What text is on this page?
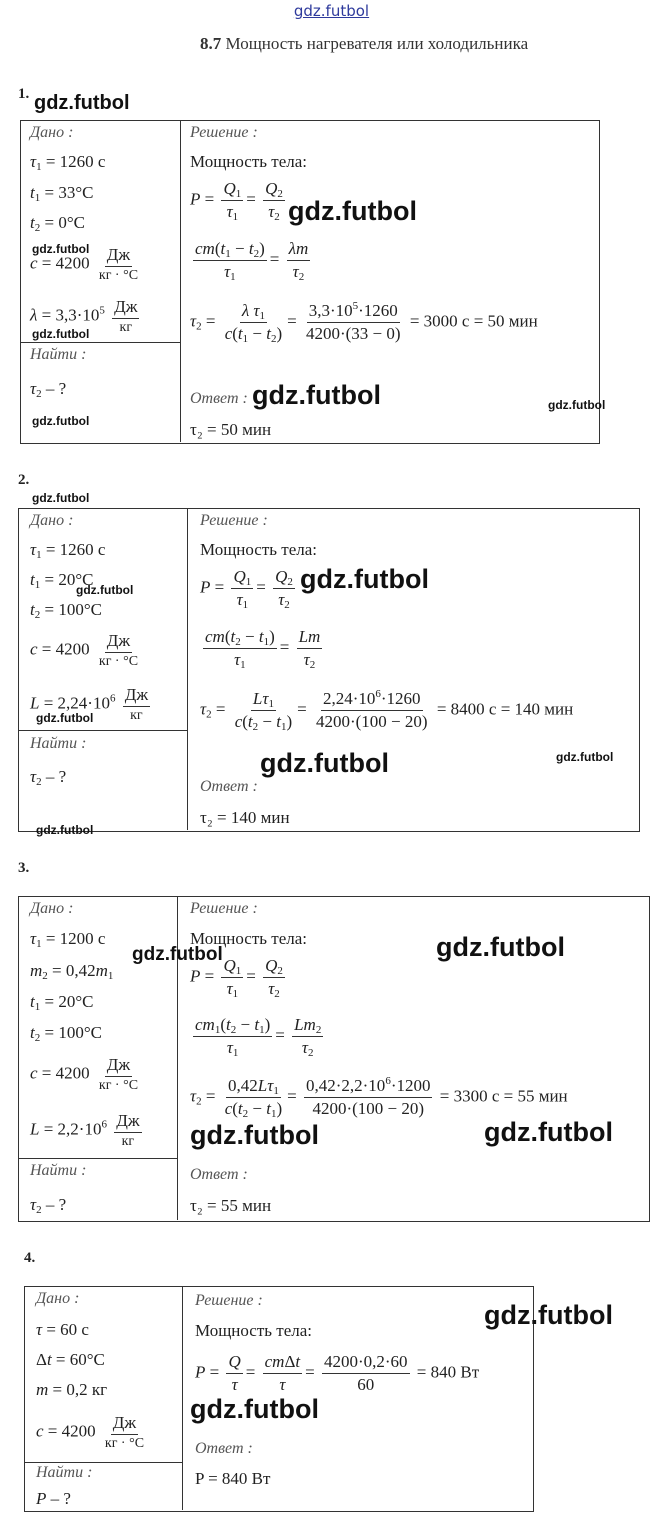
gdz.futbol
8.7 Мощность нагревателя или холодильника
1.
Дано :
$\tau_1 = 1260$ с
$t_1 = 33^\circ C$
$t_2 = 0^\circ C$
$c = 4200 \frac{Дж}{кг \cdot ^\circ C}$
$\lambda = 3,3\cdot 10^5 \frac{Дж}{кг}$
Найти :
$\tau_2$ – ?
Решение :
Мощность тела:
$P = \frac{Q_1}{\tau_1} = \frac{Q_2}{\tau_2}$
$\frac{cm(t_1 - t_2)}{\tau_1} = \frac{\lambda m}{\tau_2}$
$\tau_2 = \frac{\lambda \tau_1}{c(t_1 - t_2)} = \frac{3,3\cdot 10^5\cdot 1260}{4200\cdot(33 - 0)} = 3000$ с = 50 мин
Ответ :
τ₂ = 50 мин
gdz.futbol
gdz.futbol
gdz.futbol	gdz.futbol
gdz.futbol
gdz.futbol
gdz.futbol
2.
Дано :
$\tau_1 = 1260$ с
$t_1 = 20^\circ C$
$t_2 = 100^\circ C$
$c = 4200 \frac{Дж}{кг \cdot ^\circ C}$
$L = 2,24\cdot 10^6 \frac{Дж}{кг}$
Найти :
$\tau_2$ – ?
Решение :
Мощность тела:
$P = \frac{Q_1}{\tau_1} = \frac{Q_2}{\tau_2}$
$\frac{cm(t_2 - t_1)}{\tau_1} = \frac{Lm}{\tau_2}$
$\tau_2 = \frac{L\tau_1}{c(t_2 - t_1)} = \frac{2,24\cdot 10^6\cdot 1260}{4200\cdot(100 - 20)} = 8400$ с = 140 мин
Ответ :
τ₂ = 140 мин
gdz.futbol
gdz.futbol
gdz.futbol
gdz.futbol
gdz.futbol
gdz.futbol	gdz.futbol
3.
Дано :
$\tau_1 = 1200$ с
$m_2 = 0,42m_1$
$t_1 = 20^\circ C$
$t_2 = 100^\circ C$
$c = 4200 \frac{Дж}{кг \cdot ^\circ C}$
$L = 2,2\cdot 10^6 \frac{Дж}{кг}$
Найти :
$\tau_2$ – ?
Решение :
Мощность тела:
$P = \frac{Q_1}{\tau_1} = \frac{Q_2}{\tau_2}$
$\frac{cm_1(t_2 - t_1)}{\tau_1} = \frac{Lm_2}{\tau_2}$
$\tau_2 = \frac{0,42L\tau_1}{c(t_2 - t_1)} = \frac{0,42\cdot 2,2\cdot 10^6\cdot 1200}{4200\cdot(100 - 20)} = 3300$ с = 55 мин
Ответ :
τ₂ = 55 мин
gdz.futbol	gdz.futbol
gdz.futbol	gdz.futbol
4.
Дано :
τ = 60 с
Δt = 60°C
m = 0,2 кг
$c = 4200 \frac{Дж}{кг \cdot ^\circ C}$
Найти :
P – ?
Решение :
Мощность тела:
$P = \frac{Q}{\tau} = \frac{\text{cmΔt}}{\tau} = \frac{4200\cdot 0,2\cdot 60}{60} = 840$ Вт
Ответ :
P = 840 Вт
gdz.futbol
gdz.futbol
